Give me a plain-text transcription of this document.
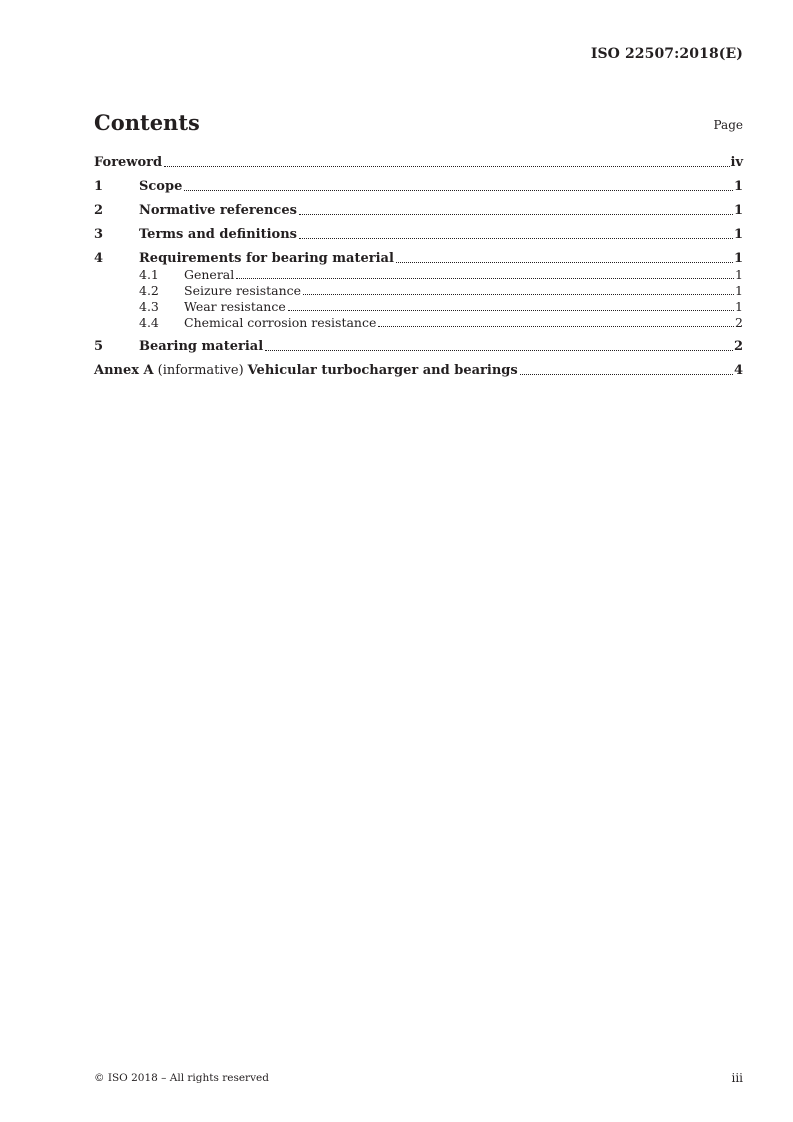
ISO 22507:2018(E)
Contents	Page
Foreword	iv
1	Scope	1
2	Normative references	1
3	Terms and definitions	1
4	Requirements for bearing material	1
4.1	General	1
4.2	Seizure resistance	1
4.3	Wear resistance	1
4.4	Chemical corrosion resistance	2
5	Bearing material	2
Annex A (informative) Vehicular turbocharger and bearings	4
© ISO 2018 – All rights reserved	iii
